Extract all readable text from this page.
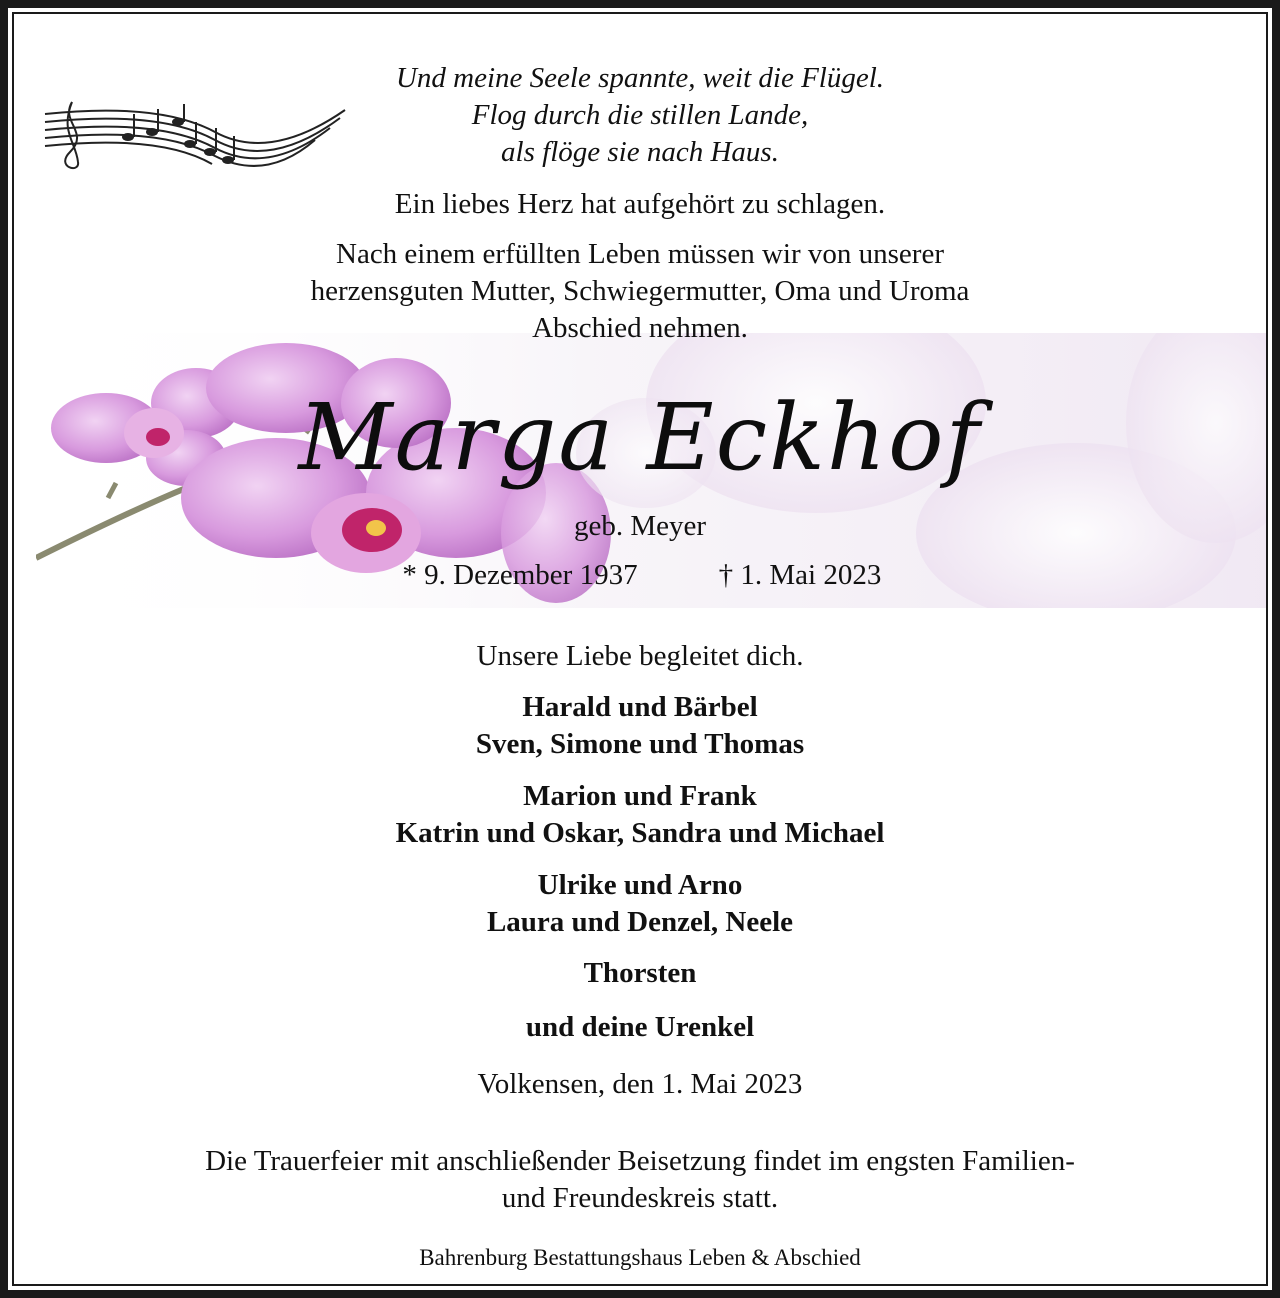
Und meine Seele spannte, weit die Flügel.
Flog durch die stillen Lande,
als flöge sie nach Haus.
Ein liebes Herz hat aufgehört zu schlagen.
Nach einem erfüllten Leben müssen wir von unserer
herzensguten Mutter, Schwiegermutter, Oma und Uroma
Abschied nehmen.
Marga Eckhof
geb. Meyer
* 9. Dezember 1937	† 1. Mai 2023
Unsere Liebe begleitet dich.
Harald und Bärbel
Sven, Simone und Thomas
Marion und Frank
Katrin und Oskar, Sandra und Michael
Ulrike und Arno
Laura und Denzel, Neele
Thorsten
und deine Urenkel
Volkensen, den 1. Mai 2023
Die Trauerfeier mit anschließender Beisetzung findet im engsten Familien-
und Freundeskreis statt.
Bahrenburg Bestattungshaus Leben & Abschied
